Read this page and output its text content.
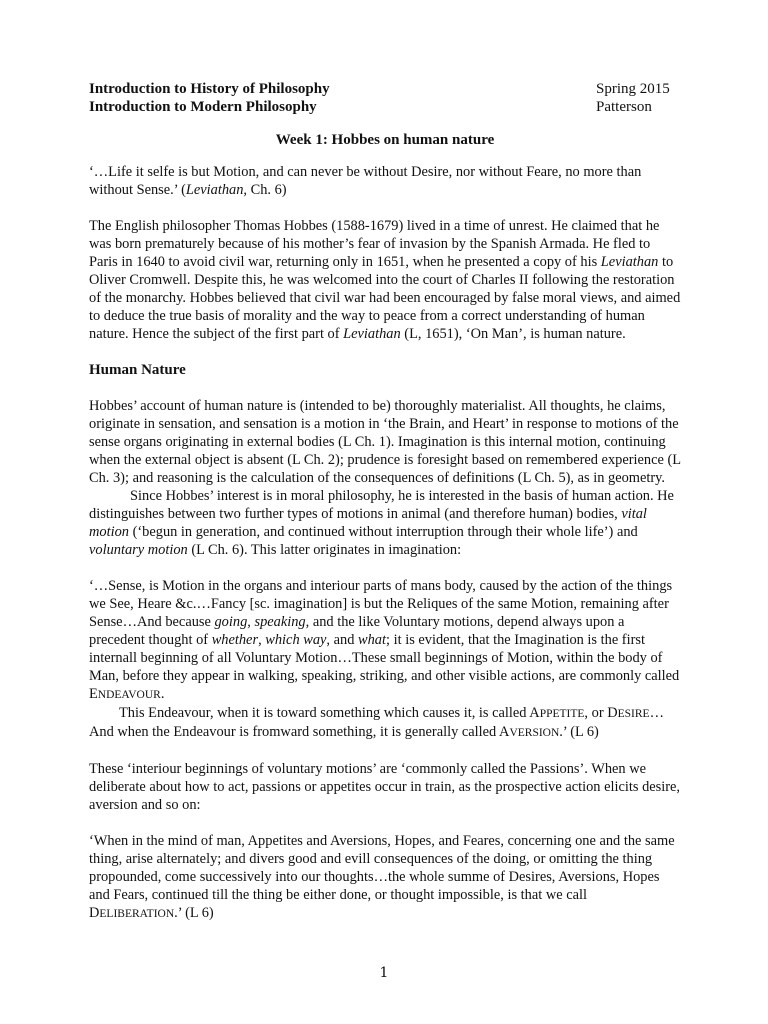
Introduction to History of Philosophy	Spring 2015
Introduction to Modern Philosophy	Patterson
Week 1: Hobbes on human nature

‘…Life it selfe is but Motion, and can never be without Desire, nor without Feare, no more than without Sense.’ (Leviathan, Ch. 6)

The English philosopher Thomas Hobbes (1588-1679) lived in a time of unrest. He claimed that he was born prematurely because of his mother’s fear of invasion by the Spanish Armada. He fled to Paris in 1640 to avoid civil war, returning only in 1651, when he presented a copy of his Leviathan to Oliver Cromwell. Despite this, he was welcomed into the court of Charles II following the restoration of the monarchy. Hobbes believed that civil war had been encouraged by false moral views, and aimed to deduce the true basis of morality and the way to peace from a correct understanding of human nature. Hence the subject of the first part of Leviathan (L, 1651), ‘On Man’, is human nature.

Human Nature

Hobbes’ account of human nature is (intended to be) thoroughly materialist. All thoughts, he claims, originate in sensation, and sensation is a motion in ‘the Brain, and Heart’ in response to motions of the sense organs originating in external bodies (L Ch. 1). Imagination is this internal motion, continuing when the external object is absent (L Ch. 2); prudence is foresight based on remembered experience (L Ch. 3); and reasoning is the calculation of the consequences of definitions (L Ch. 5), as in geometry.

Since Hobbes’ interest is in moral philosophy, he is interested in the basis of human action. He distinguishes between two further types of motions in animal (and therefore human) bodies, vital motion (‘begun in generation, and continued without interruption through their whole life’) and voluntary motion (L Ch. 6). This latter originates in imagination:

‘…Sense, is Motion in the organs and interiour parts of mans body, caused by the action of the things we See, Heare &c.…Fancy [sc. imagination] is but the Reliques of the same Motion, remaining after Sense…And because going, speaking, and the like Voluntary motions, depend always upon a precedent thought of whether, which way, and what; it is evident, that the Imagination is the first internall beginning of all Voluntary Motion…These small beginnings of Motion, within the body of Man, before they appear in walking, speaking, striking, and other visible actions, are commonly called ENDEAVOUR.
This Endeavour, when it is toward something which causes it, is called APPETITE, or DESIRE…And when the Endeavour is fromward something, it is generally called AVERSION.’ (L 6)

These ‘interiour beginnings of voluntary motions’ are ‘commonly called the Passions’. When we deliberate about how to act, passions or appetites occur in train, as the prospective action elicits desire, aversion and so on:

‘When in the mind of man, Appetites and Aversions, Hopes, and Feares, concerning one and the same thing, arise alternately; and divers good and evill consequences of the doing, or omitting the thing propounded, come successively into our thoughts…the whole summe of Desires, Aversions, Hopes and Fears, continued till the thing be either done, or thought impossible, is that we call DELIBERATION.’ (L 6)

1
